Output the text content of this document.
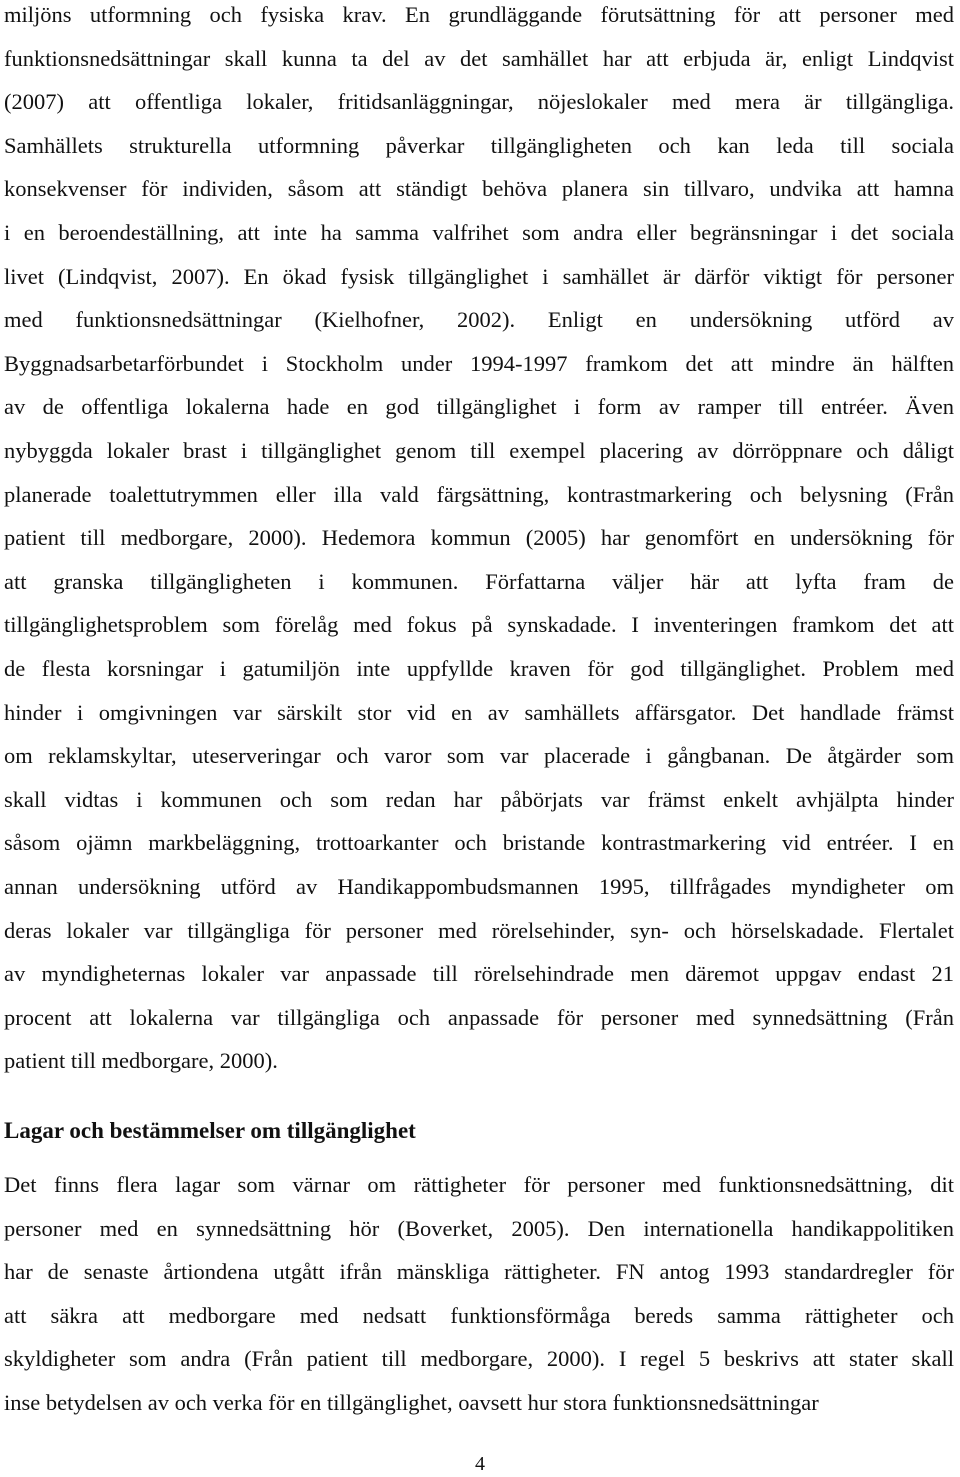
miljöns utformning och fysiska krav. En grundläggande förutsättning för att personer med
funktionsnedsättningar skall kunna ta del av det samhället har att erbjuda är, enligt Lindqvist
(2007) att offentliga lokaler, fritidsanläggningar, nöjeslokaler med mera är tillgängliga.
Samhällets strukturella utformning påverkar tillgängligheten och kan leda till sociala
konsekvenser för individen, såsom att ständigt behöva planera sin tillvaro, undvika att hamna
i en beroendeställning, att inte ha samma valfrihet som andra eller begränsningar i det sociala
livet (Lindqvist, 2007). En ökad fysisk tillgänglighet i samhället är därför viktigt för personer
med funktionsnedsättningar (Kielhofner, 2002). Enligt en undersökning utförd av
Byggnadsarbetarförbundet i Stockholm under 1994-1997 framkom det att mindre än hälften
av de offentliga lokalerna hade en god tillgänglighet i form av ramper till entréer. Även
nybyggda lokaler brast i tillgänglighet genom till exempel placering av dörröppnare och dåligt
planerade toalettutrymmen eller illa vald färgsättning, kontrastmarkering och belysning (Från
patient till medborgare, 2000). Hedemora kommun (2005) har genomfört en undersökning för
att granska tillgängligheten i kommunen. Författarna väljer här att lyfta fram de
tillgänglighetsproblem som förelåg med fokus på synskadade. I inventeringen framkom det att
de flesta korsningar i gatumiljön inte uppfyllde kraven för god tillgänglighet. Problem med
hinder i omgivningen var särskilt stor vid en av samhällets affärsgator. Det handlade främst
om reklamskyltar, uteserveringar och varor som var placerade i gångbanan. De åtgärder som
skall vidtas i kommunen och som redan har påbörjats var främst enkelt avhjälpta hinder
såsom ojämn markbeläggning, trottoarkanter och bristande kontrastmarkering vid entréer. I en
annan undersökning utförd av Handikappombudsmannen 1995, tillfrågades myndigheter om
deras lokaler var tillgängliga för personer med rörelsehinder, syn- och hörselskadade. Flertalet
av myndigheternas lokaler var anpassade till rörelsehindrade men däremot uppgav endast 21
procent att lokalerna var tillgängliga och anpassade för personer med synnedsättning (Från
patient till medborgare, 2000).
Lagar och bestämmelser om tillgänglighet
Det finns flera lagar som värnar om rättigheter för personer med funktionsnedsättning, dit
personer med en synnedsättning hör (Boverket, 2005). Den internationella handikappolitiken
har de senaste årtiondena utgått ifrån mänskliga rättigheter. FN antog 1993 standardregler för
att säkra att medborgare med nedsatt funktionsförmåga bereds samma rättigheter och
skyldigheter som andra (Från patient till medborgare, 2000). I regel 5 beskrivs att stater skall
inse betydelsen av och verka för en tillgänglighet, oavsett hur stora funktionsnedsättningar
4
